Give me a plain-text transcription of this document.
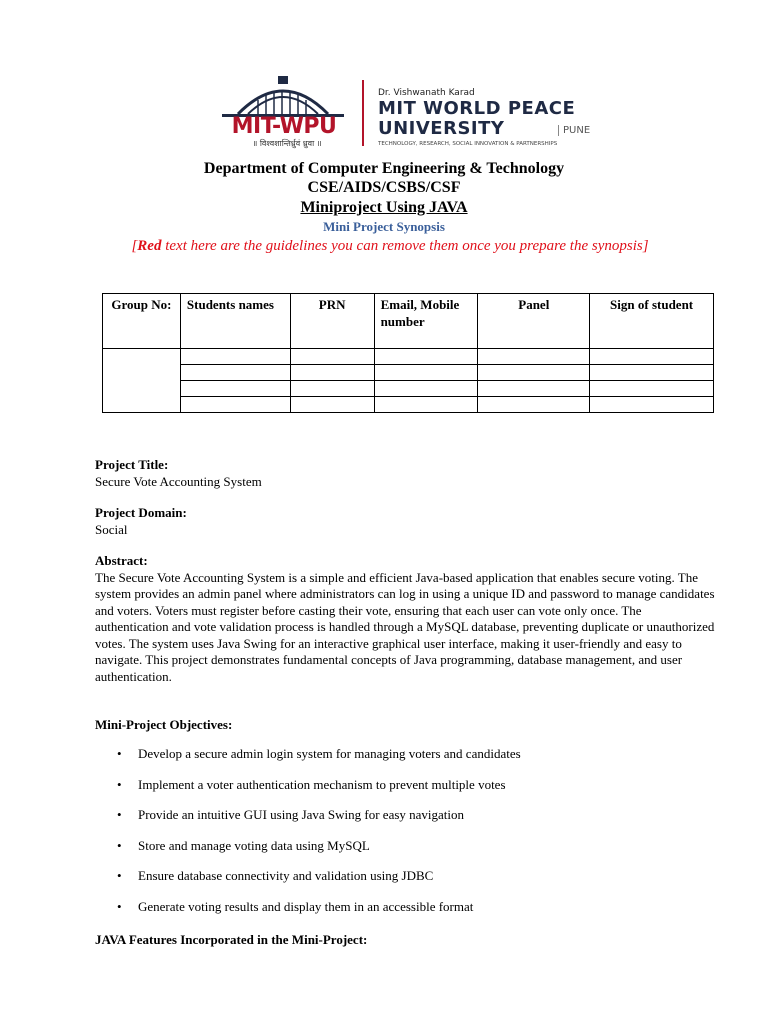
MIT-WPU
॥ विश्वशान्तिर्ध्रुवं ध्रुवा ॥
Dr. Vishwanath Karad
MIT WORLD PEACE
UNIVERSITY	PUNE
TECHNOLOGY, RESEARCH, SOCIAL INNOVATION & PARTNERSHIPS
Department of Computer Engineering & Technology
CSE/AIDS/CSBS/CSF
Miniproject Using JAVA
Mini Project Synopsis
[Red text here are the guidelines you can remove them once you prepare the synopsis]
Group No:	Students names	PRN	Email, Mobile number	Panel	Sign of student

Project Title:
Secure Vote Accounting System
Project Domain:
Social
Abstract:
The Secure Vote Accounting System is a simple and efficient Java-based application that enables secure voting. The system provides an admin panel where administrators can log in using a unique ID and password to manage candidates and voters. Voters must register before casting their vote, ensuring that each user can vote only once. The authentication and vote validation process is handled through a MySQL database, preventing duplicate or unauthorized votes. The system uses Java Swing for an interactive graphical user interface, making it user-friendly and easy to navigate. This project demonstrates fundamental concepts of Java programming, database management, and user authentication.
Mini-Project Objectives:
• Develop a secure admin login system for managing voters and candidates
• Implement a voter authentication mechanism to prevent multiple votes
• Provide an intuitive GUI using Java Swing for easy navigation
• Store and manage voting data using MySQL
• Ensure database connectivity and validation using JDBC
• Generate voting results and display them in an accessible format
JAVA Features Incorporated in the Mini-Project:
